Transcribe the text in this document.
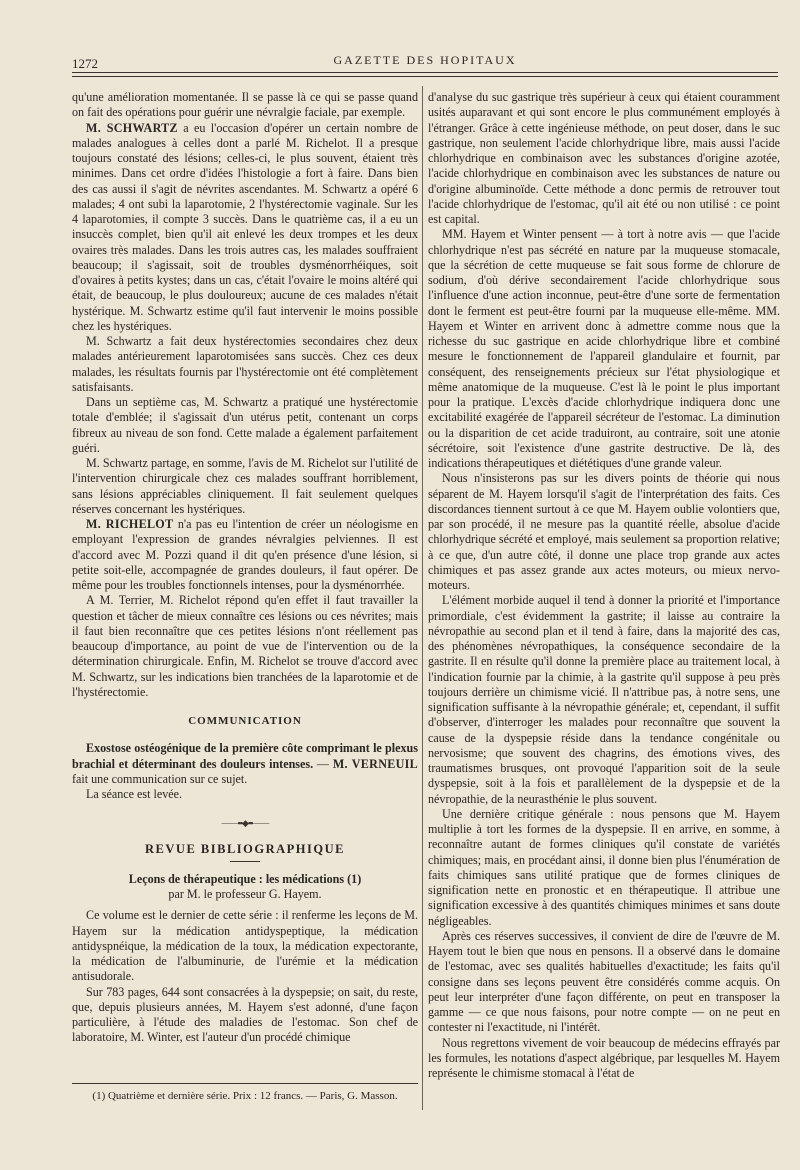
1272	GAZETTE DES HOPITAUX

qu'une amélioration momentanée. Il se passe là ce qui se passe quand on fait des opérations pour guérir une névralgie faciale, par exemple.

M. SCHWARTZ a eu l'occasion d'opérer un certain nombre de malades analogues à celles dont a parlé M. Richelot. Il a presque toujours constaté des lésions; celles-ci, le plus souvent, étaient très minimes. Dans cet ordre d'idées l'histologie a fort à faire. Dans bien des cas aussi il s'agit de névrites ascendantes. M. Schwartz a opéré 6 malades; 4 ont subi la laparotomie, 2 l'hystérectomie vaginale. Sur les 4 laparotomies, il compte 3 succès. Dans le quatrième cas, il a eu un insuccès complet, bien qu'il ait enlevé les deux trompes et les deux ovaires très malades. Dans les trois autres cas, les malades souffraient beaucoup; il s'agissait, soit de troubles dysménorrhéiques, soit d'ovaires à petits kystes; dans un cas, c'était l'ovaire le moins altéré qui était, de beaucoup, le plus douloureux; aucune de ces malades n'était hystérique. M. Schwartz estime qu'il faut intervenir le moins possible chez les hystériques.

M. Schwartz a fait deux hystérectomies secondaires chez deux malades antérieurement laparotomisées sans succès. Chez ces deux malades, les résultats fournis par l'hystérectomie ont été complètement satisfaisants.

Dans un septième cas, M. Schwartz a pratiqué une hystérectomie totale d'emblée; il s'agissait d'un utérus petit, contenant un corps fibreux au niveau de son fond. Cette malade a également parfaitement guéri.

M. Schwartz partage, en somme, l'avis de M. Richelot sur l'utilité de l'intervention chirurgicale chez ces malades souffrant horriblement, sans lésions appréciables cliniquement. Il fait seulement quelques réserves concernant les hystériques.

M. RICHELOT n'a pas eu l'intention de créer un néologisme en employant l'expression de grandes névralgies pelviennes. Il est d'accord avec M. Pozzi quand il dit qu'en présence d'une lésion, si petite soit-elle, accompagnée de grandes douleurs, il faut opérer. De même pour les troubles fonctionnels intenses, pour la dysménorrhée.

A M. Terrier, M. Richelot répond qu'en effet il faut travailler la question et tâcher de mieux connaître ces lésions ou ces névrites; mais il faut bien reconnaître que ces petites lésions n'ont réellement pas beaucoup d'importance, au point de vue de l'intervention ou de la détermination chirurgicale. Enfin, M. Richelot se trouve d'accord avec M. Schwartz, sur les indications bien tranchées de la laparotomie et de l'hystérectomie.

COMMUNICATION

Exostose ostéogénique de la première côte comprimant le plexus brachial et déterminant des douleurs intenses. — M. VERNEUIL fait une communication sur ce sujet.

La séance est levée.

——▪▪◆▪▪——
REVUE BIBLIOGRAPHIQUE
Leçons de thérapeutique : les médications (1)
par M. le professeur G. Hayem.

Ce volume est le dernier de cette série : il renferme les leçons de M. Hayem sur la médication antidyspeptique, la médication antidyspnéique, la médication de la toux, la médication expectorante, la médication de l'albuminurie, de l'urémie et la médication antisudorale.

Sur 783 pages, 644 sont consacrées à la dyspepsie; on sait, du reste, que, depuis plusieurs années, M. Hayem s'est adonné, d'une façon particulière, à l'étude des maladies de l'estomac. Son chef de laboratoire, M. Winter, est l'auteur d'un procédé chimique

d'analyse du suc gastrique très supérieur à ceux qui étaient couramment usités auparavant et qui sont encore le plus communément employés à l'étranger. Grâce à cette ingénieuse méthode, on peut doser, dans le suc gastrique, non seulement l'acide chlorhydrique libre, mais aussi l'acide chlorhydrique en combinaison avec les substances d'origine azotée, l'acide chlorhydrique en combinaison avec les substances de nature ou d'origine albuminoïde. Cette méthode a donc permis de retrouver tout l'acide chlorhydrique de l'estomac, qu'il ait été ou non utilisé : ce point est capital.

MM. Hayem et Winter pensent — à tort à notre avis — que l'acide chlorhydrique n'est pas sécrété en nature par la muqueuse stomacale, que la sécrétion de cette muqueuse se fait sous forme de chlorure de sodium, d'où dérive secondairement l'acide chlorhydrique sous l'influence d'une action inconnue, peut-être d'une sorte de fermentation dont le ferment est peut-être fourni par la muqueuse elle-même. MM. Hayem et Winter en arrivent donc à admettre comme nous que la richesse du suc gastrique en acide chlorhydrique libre et combiné mesure le fonctionnement de l'appareil glandulaire et fournit, par conséquent, des renseignements précieux sur l'état physiologique et même anatomique de la muqueuse. C'est là le point le plus important pour la pratique. L'excès d'acide chlorhydrique indiquera donc une excitabilité exagérée de l'appareil sécréteur de l'estomac. La diminution ou la disparition de cet acide traduiront, au contraire, soit une atonie sécrétoire, soit l'existence d'une gastrite destructive. De là, des indications thérapeutiques et diététiques d'une grande valeur.

Nous n'insisterons pas sur les divers points de théorie qui nous séparent de M. Hayem lorsqu'il s'agit de l'interprétation des faits. Ces discordances tiennent surtout à ce que M. Hayem oublie volontiers que, par son procédé, il ne mesure pas la quantité réelle, absolue d'acide chlorhydrique sécrété et employé, mais seulement sa proportion relative; à ce que, d'un autre côté, il donne une place trop grande aux actes chimiques et pas assez grande aux actes moteurs, ou mieux nervo-moteurs.

L'élément morbide auquel il tend à donner la priorité et l'importance primordiale, c'est évidemment la gastrite; il laisse au contraire la névropathie au second plan et il tend à faire, dans la majorité des cas, des phénomènes névropathiques, la conséquence secondaire de la gastrite. Il en résulte qu'il donne la première place au traitement local, à l'indication fournie par la chimie, à la gastrite qu'il suppose à peu près toujours derrière un chimisme vicié. Il n'attribue pas, à notre sens, une signification suffisante à la névropathie générale; et, cependant, il suffit d'observer, d'interroger les malades pour reconnaître que souvent la cause de la dyspepsie réside dans la tendance congénitale ou nervosisme; que souvent des chagrins, des émotions vives, des traumatismes brusques, ont provoqué l'apparition soit de la seule dyspepsie, soit à la fois et parallèlement de la dyspepsie et de la névropathie, de la neurasthénie le plus souvent.

Une dernière critique générale : nous pensons que M. Hayem multiplie à tort les formes de la dyspepsie. Il en arrive, en somme, à reconnaître autant de formes cliniques qu'il constate de variétés chimiques; mais, en procédant ainsi, il donne bien plus l'énumération de faits chimiques sans utilité pratique que de formes cliniques de signification nette en pronostic et en thérapeutique. Il attribue une signification excessive à des quantités chimiques minimes et sans doute négligeables.

Après ces réserves successives, il convient de dire de l'œuvre de M. Hayem tout le bien que nous en pensons. Il a observé dans le domaine de l'estomac, avec ses qualités habituelles d'exactitude; les faits qu'il consigne dans ses leçons peuvent être considérés comme acquis. On peut leur interpréter d'une façon différente, on peut en transposer la gamme — ce que nous faisons, pour notre compte — on ne peut en contester ni l'exactitude, ni l'intérêt.

Nous regrettons vivement de voir beaucoup de médecins effrayés par les formules, les notations d'aspect algébrique, par lesquelles M. Hayem représente le chimisme stomacal à l'état de

(1) Quatrième et dernière série. Prix : 12 francs. — Paris, G. Masson.
